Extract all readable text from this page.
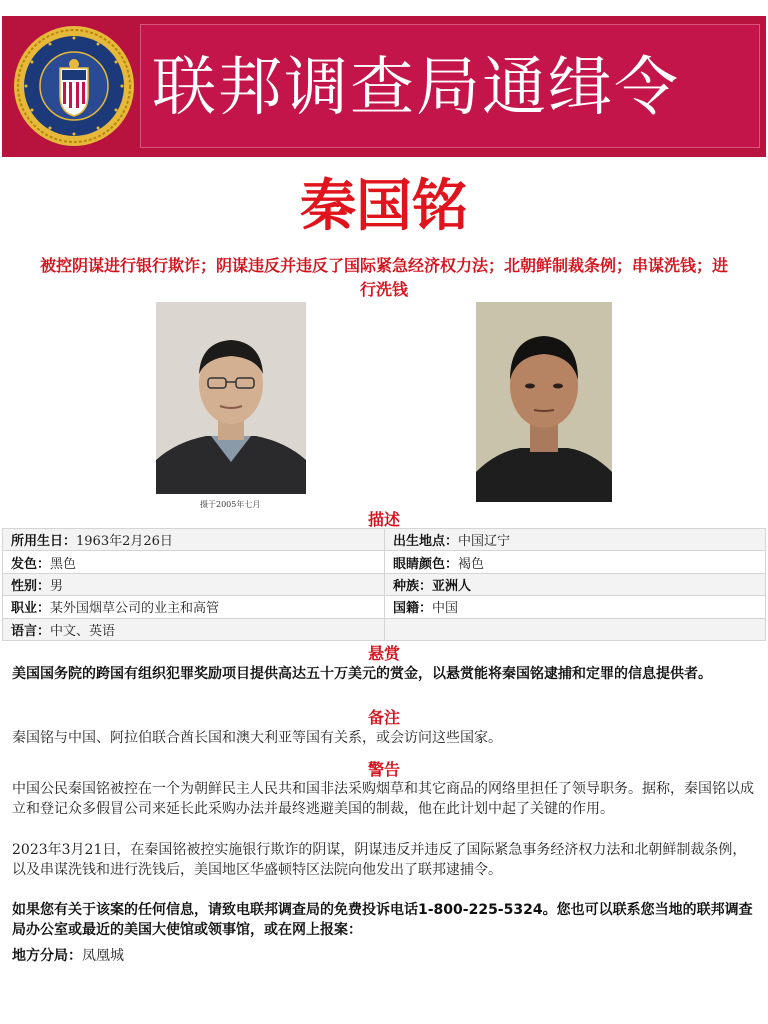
联邦调查局通缉令
秦国铭
被控阴谋进行银行欺诈；阴谋违反并违反了国际紧急经济权力法；北朝鲜制裁条例；串谋洗钱；进行洗钱
摄于2005年七月
描述
所用生日：1963年2月26日	出生地点：中国辽宁
发色：黑色	眼睛颜色：褐色
性别：男	种族：亚洲人
职业：某外国烟草公司的业主和高管	国籍：中国
语言：中文、英语	
悬赏
美国国务院的跨国有组织犯罪奖励项目提供高达五十万美元的赏金，以悬赏能将秦国铭逮捕和定罪的信息提供者。
备注
秦国铭与中国、阿拉伯联合酋长国和澳大利亚等国有关系，或会访问这些国家。
警告
中国公民秦国铭被控在一个为朝鲜民主人民共和国非法采购烟草和其它商品的网络里担任了领导职务。据称，秦国铭以成立和登记众多假冒公司来延长此采购办法并最终逃避美国的制裁，他在此计划中起了关键的作用。
2023年3月21日，在秦国铭被控实施银行欺诈的阴谋，阴谋违反并违反了国际紧急事务经济权力法和北朝鲜制裁条例，以及串谋洗钱和进行洗钱后，美国地区华盛顿特区法院向他发出了联邦逮捕令。
如果您有关于该案的任何信息，请致电联邦调查局的免费投诉电话1-800-225-5324。您也可以联系您当地的联邦调查局办公室或最近的美国大使馆或领事馆，或在网上报案：
地方分局：凤凰城
